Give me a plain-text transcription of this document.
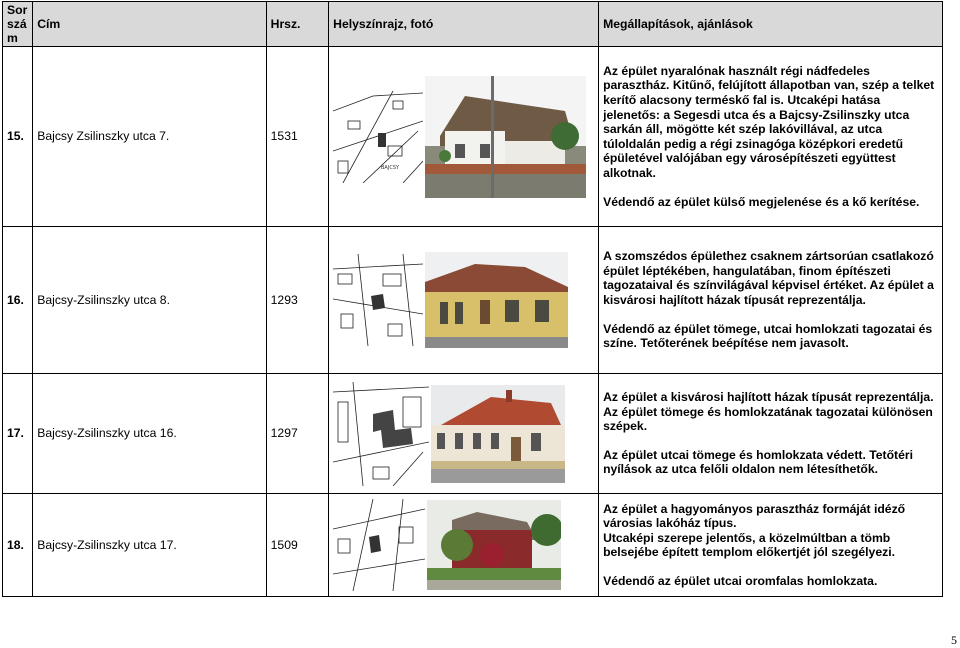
Sor szá m	Cím	Hrsz.	Helyszínrajz, fotó	Megállapítások, ajánlások
15.	Bajcsy Zsilinszky utca 7.	1531	BAJCSY	Az épület nyaralónak használt régi nádfedeles parasztház. Kitűnő, felújított állapotban van, szép a telket kerítő alacsony terméskő fal is. Utcaképi hatása jelenetős: a Segesdi utca és a Bajcsy-Zsilinszky utca sarkán áll, mögötte két szép lakóvillával, az utca túloldalán pedig a régi zsinagóga középkori eredetű épületével valójában egy városépítészeti együttest alkotnak.

Védendő az épület külső megjelenése és a kő kerítése.

16.	Bajcsy-Zsilinszky utca 8.	1293		A szomszédos épülethez csaknem zártsorúan csatlakozó épület léptékében, hangulatában, finom építészeti tagozataival és színvilágával képvisel értéket. Az épület a kisvárosi hajlított házak típusát reprezentálja.

Védendő az épület tömege, utcai homlokzati tagozatai és színe. Tetőterének beépítése nem javasolt.

17.	Bajcsy-Zsilinszky utca 16.	1297		Az épület a kisvárosi hajlított házak típusát reprezentálja. Az épület tömege és homlokzatának tagozatai különösen szépek.

Az épület utcai tömege és homlokzata védett. Tetőtéri nyílások az utca felőli oldalon nem létesíthetők.

18.	Bajcsy-Zsilinszky utca 17.	1509		Az épület a hagyományos parasztház formáját idéző városias lakóház típus.

Utcaképi szerepe jelentős, a közelmúltban a tömb belsejébe épített templom előkertjét jól szegélyezi.

Védendő az épület utcai oromfalas homlokzata.

5
